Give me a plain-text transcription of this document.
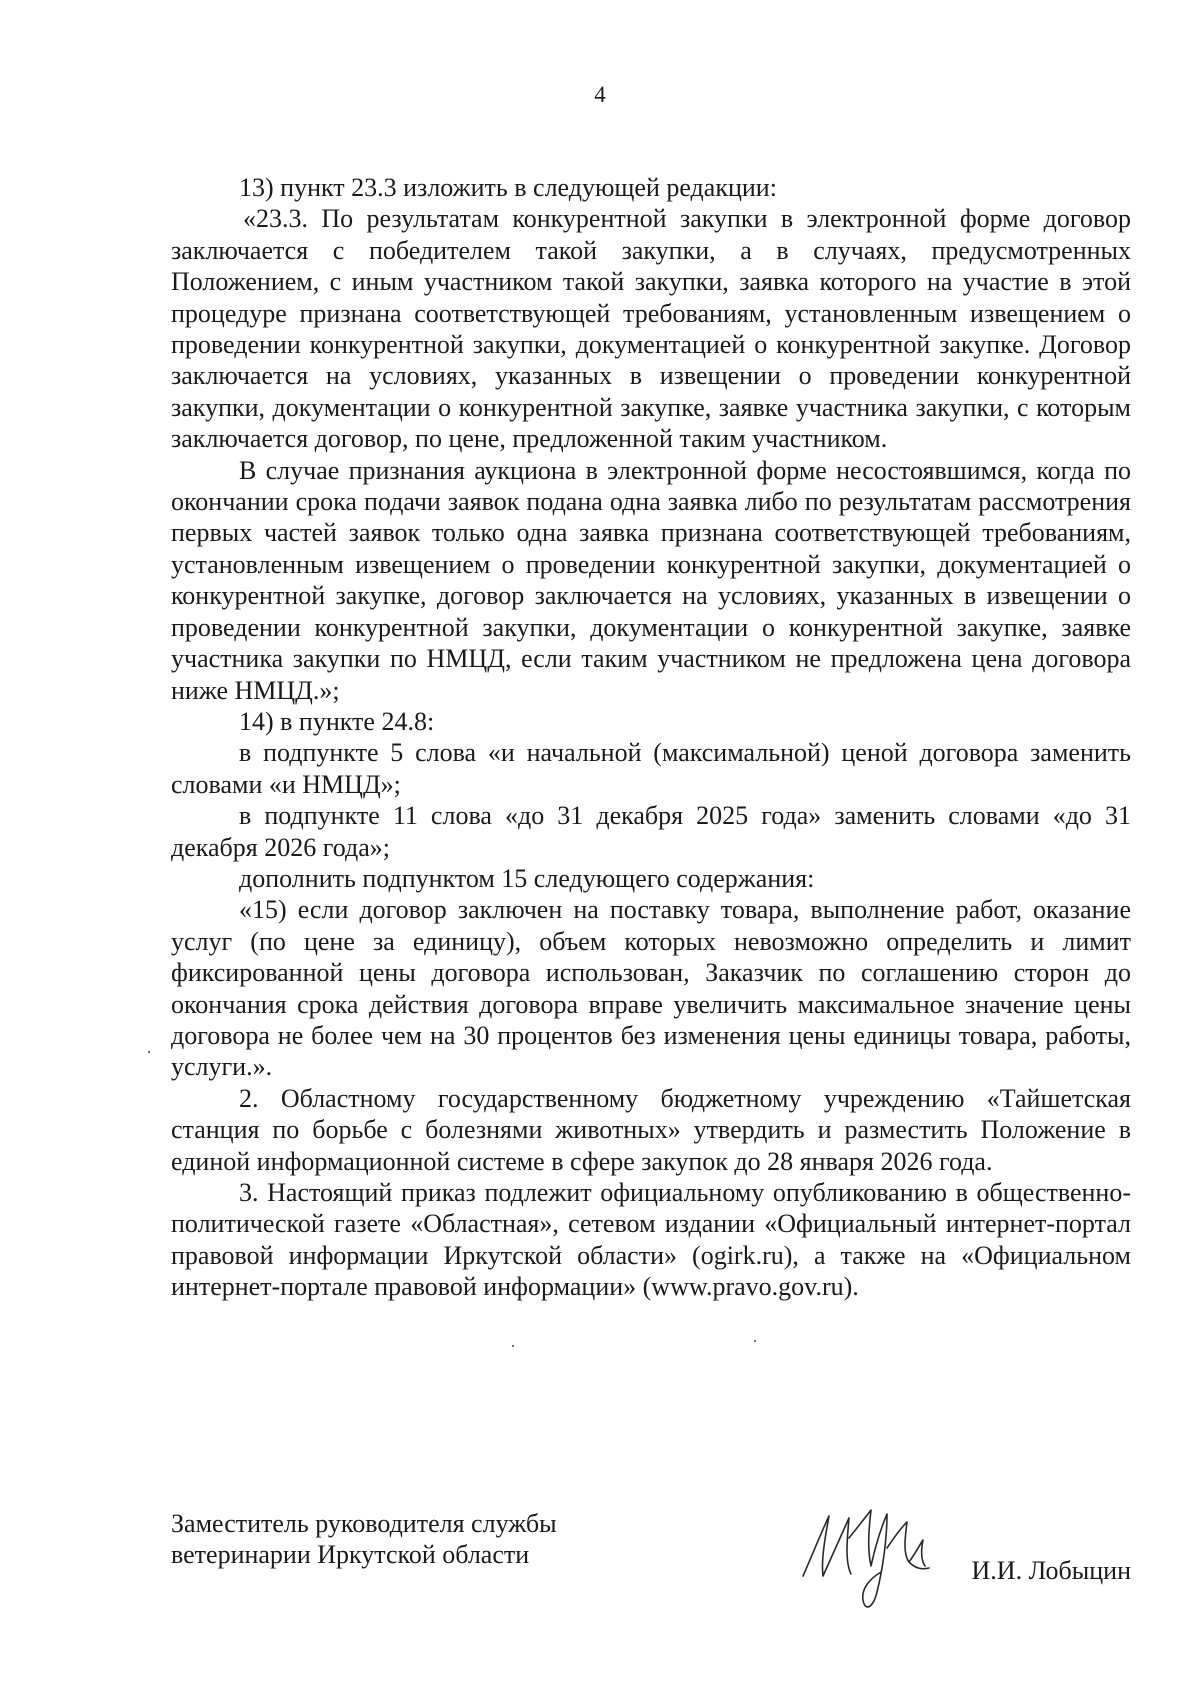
4

13) пункт 23.3 изложить в следующей редакции:

«23.3. По результатам конкурентной закупки в электронной форме договор заключается с победителем такой закупки, а в случаях, предусмотренных Положением, с иным участником такой закупки, заявка которого на участие в этой процедуре признана соответствующей требованиям, установленным извещением о проведении конкурентной закупки, документацией о конкурентной закупке. Договор заключается на условиях, указанных в извещении о проведении конкурентной закупки, документации о конкурентной закупке, заявке участника закупки, с которым заключается договор, по цене, предложенной таким участником.

В случае признания аукциона в электронной форме несостоявшимся, когда по окончании срока подачи заявок подана одна заявка либо по результатам рассмотрения первых частей заявок только одна заявка признана соответствующей требованиям, установленным извещением о проведении конкурентной закупки, документацией о конкурентной закупке, договор заключается на условиях, указанных в извещении о проведении конкурентной закупки, документации о конкурентной закупке, заявке участника закупки по НМЦД, если таким участником не предложена цена договора ниже НМЦД.»;

14) в пункте 24.8:

в подпункте 5 слова «и начальной (максимальной) ценой договора заменить словами «и НМЦД»;

в подпункте 11 слова «до 31 декабря 2025 года» заменить словами «до 31 декабря 2026 года»;

дополнить подпунктом 15 следующего содержания:

«15) если договор заключен на поставку товара, выполнение работ, оказание услуг (по цене за единицу), объем которых невозможно определить и лимит фиксированной цены договора использован, Заказчик по соглашению сторон до окончания срока действия договора вправе увеличить максимальное значение цены договора не более чем на 30 процентов без изменения цены единицы товара, работы, услуги.».

2. Областному государственному бюджетному учреждению «Тайшетская станция по борьбе с болезнями животных» утвердить и разместить Положение в единой информационной системе в сфере закупок до 28 января 2026 года.

3. Настоящий приказ подлежит официальному опубликованию в общественно-политической газете «Областная», сетевом издании «Официальный интернет-портал правовой информации Иркутской области» (ogirk.ru), а также на «Официальном интернет-портале правовой информации» (www.pravo.gov.ru).

Заместитель руководителя службы
ветеринарии Иркутской области
И.И. Лобыцин
